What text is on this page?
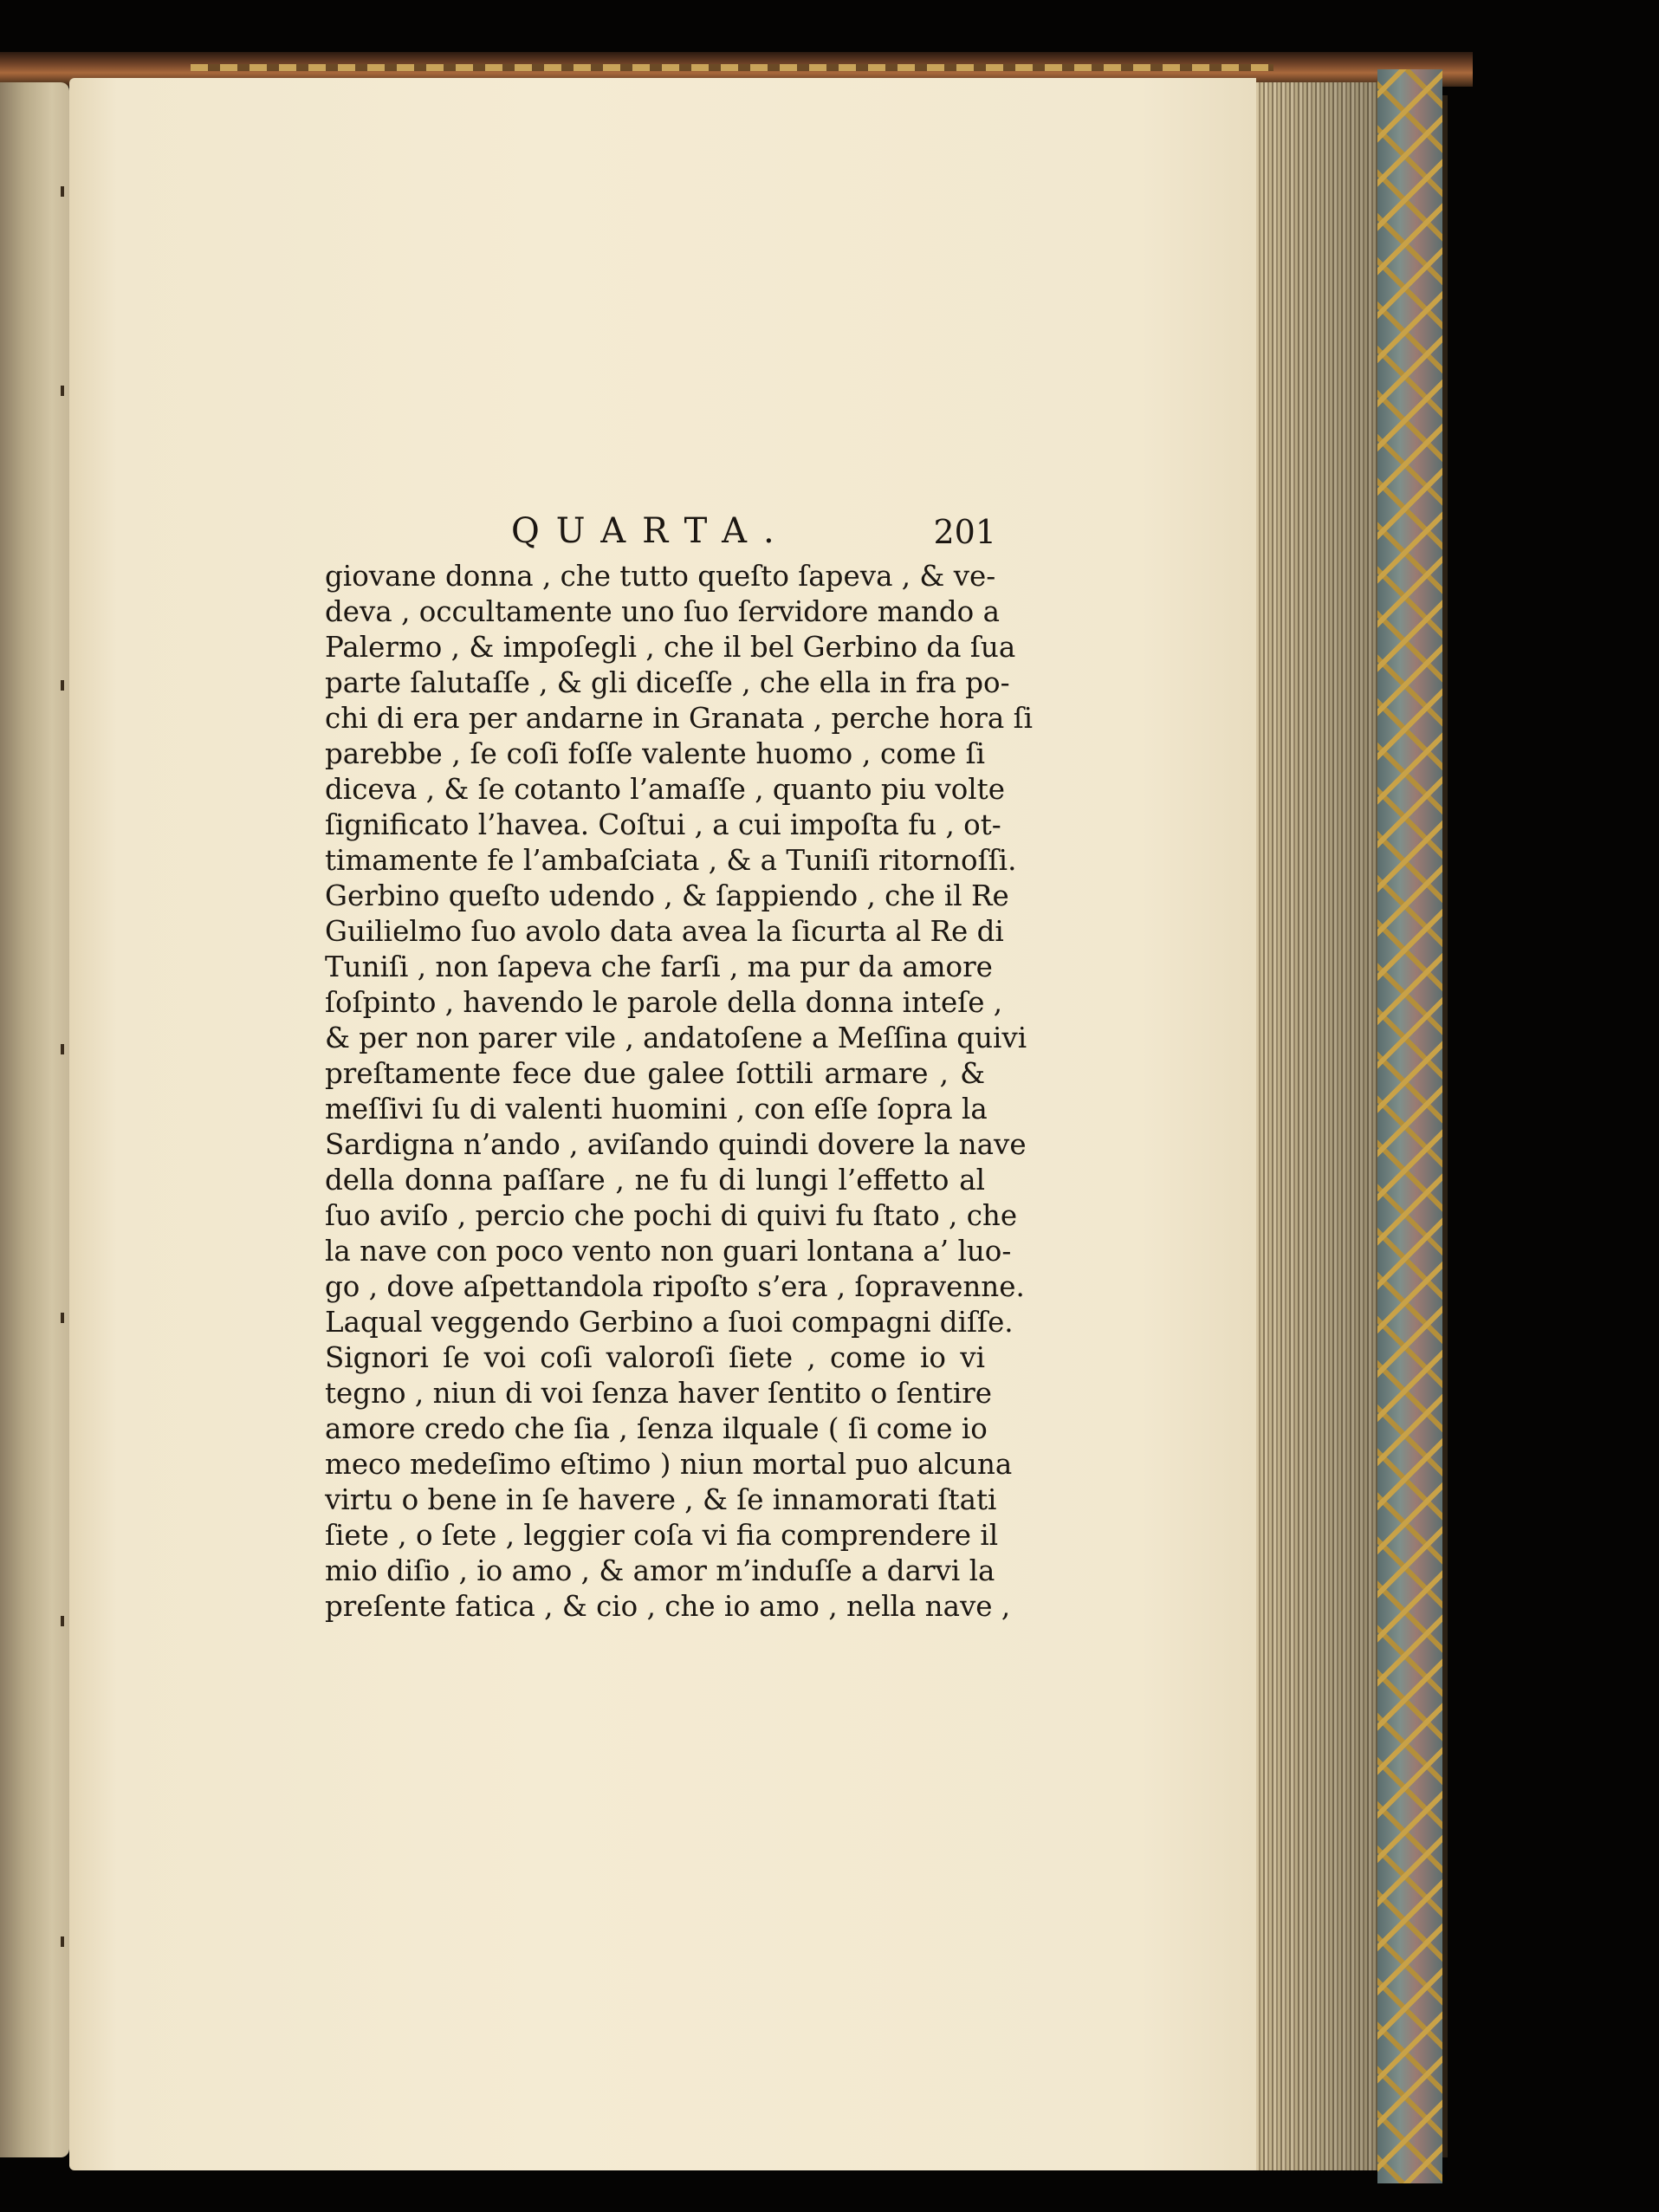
QUARTA.	201
giovane donna , che tutto queſto ſapeva , & ve-
deva , occultamente uno ſuo ſervidore mando a
Palermo , & impoſegli , che il bel Gerbino da ſua
parte ſalutaſſe , & gli diceſſe , che ella in fra po-
chi di era per andarne in Granata , perche hora ſi
parebbe , ſe coſi foſſe valente huomo , come ſi
diceva , & ſe cotanto l’amaſſe , quanto piu volte
ſignificato l’havea. Coſtui , a cui impoſta fu , ot-
timamente fe l’ambaſciata , & a Tuniſi ritornoſſi.
Gerbino queſto udendo , & ſappiendo , che il Re
Guilielmo ſuo avolo data avea la ſicurta al Re di
Tuniſi , non ſapeva che farſi , ma pur da amore
ſoſpinto , havendo le parole della donna inteſe ,
& per non parer vile , andatoſene a Meſſina quivi
preſtamente fece due galee ſottili armare , &
meſſivi ſu di valenti huomini , con eſſe ſopra la
Sardigna n’ando , aviſando quindi dovere la nave
della donna paſſare , ne fu di lungi l’effetto al
ſuo aviſo , percio che pochi di quivi fu ſtato , che
la nave con poco vento non guari lontana a’ luo-
go , dove aſpettandola ripoſto s’era , ſopravenne.
Laqual veggendo Gerbino a ſuoi compagni diſſe.
Signori ſe voi coſi valoroſi ſiete , come io vi
tegno , niun di voi ſenza haver ſentito o ſentire
amore credo che ſia , ſenza ilquale ( ſi come io
meco medeſimo eſtimo ) niun mortal puo alcuna
virtu o bene in ſe havere , & ſe innamorati ſtati
ſiete , o ſete , leggier coſa vi fia comprendere il
mio diſio , io amo , & amor m’induſſe a darvi la
preſente fatica , & cio , che io amo , nella nave ,
